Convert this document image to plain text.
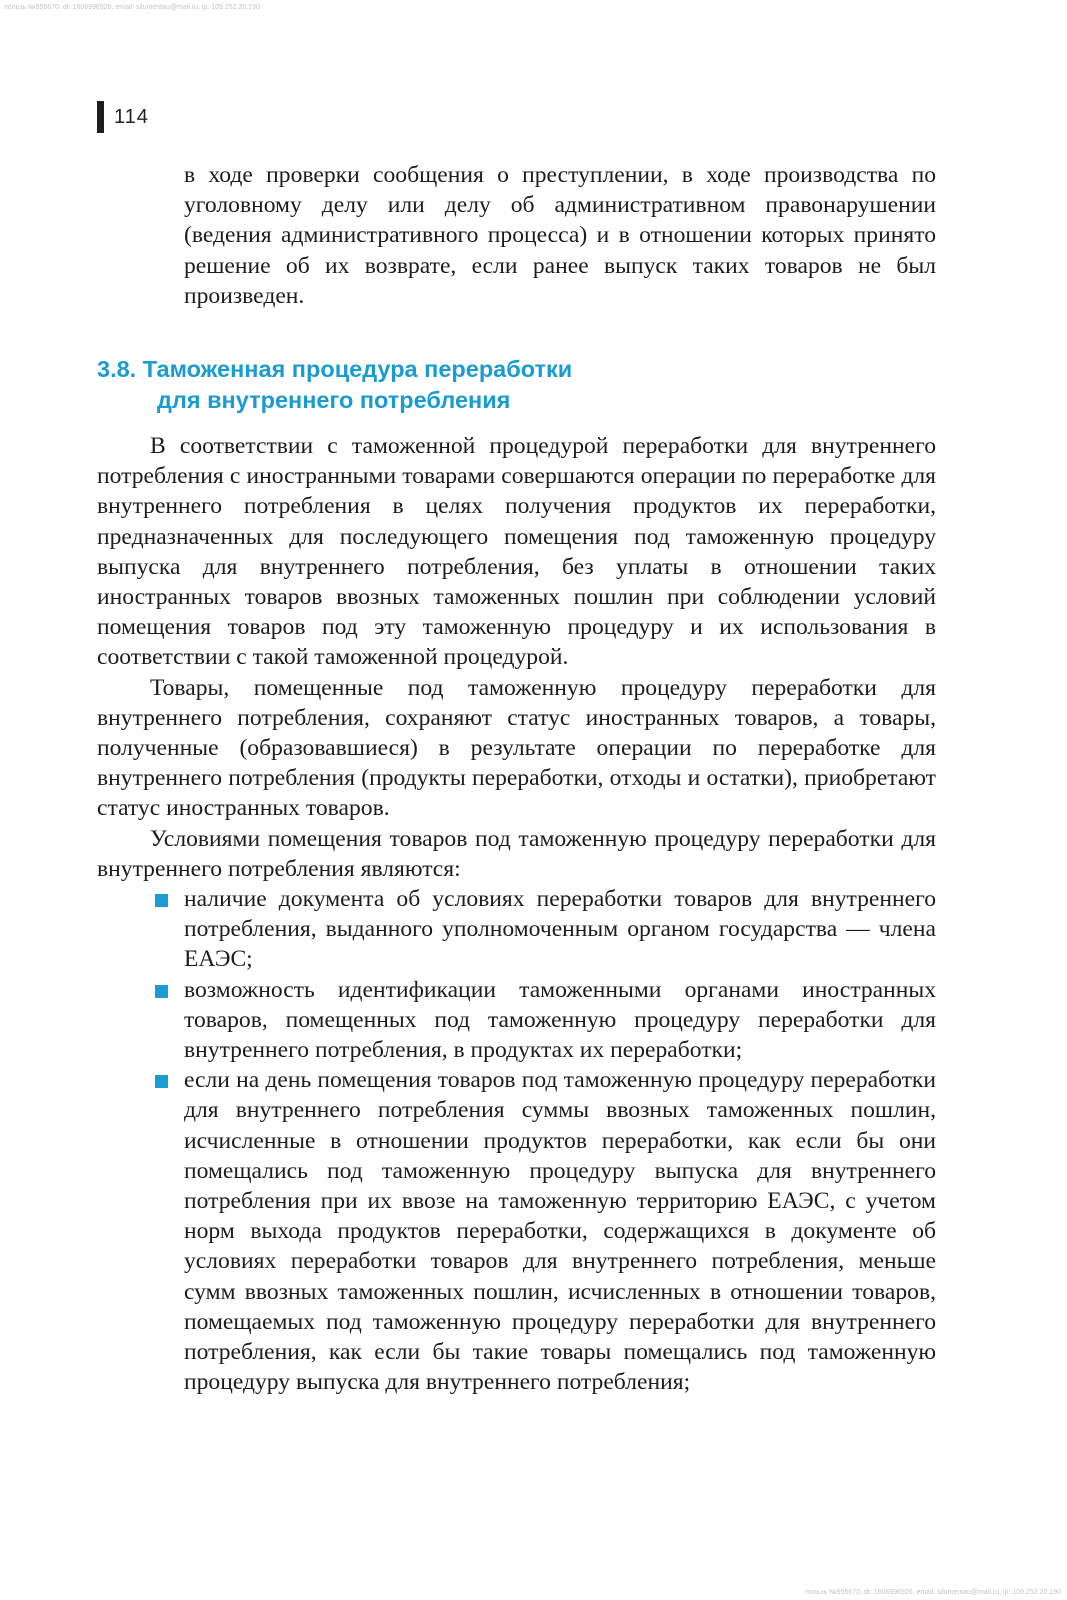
пользь №956670, dt: 1606996926, email: silumentau@mail.ru, ip: 109.252.20.190
114

в ходе проверки сообщения о преступлении, в ходе производства по уголовному делу или делу об административном правонарушении (ведения административного процесса) и в отношении которых принято решение об их возврате, если ранее выпуск таких товаров не был произведен.

3.8. Таможенная процедура переработки
для внутреннего потребления

В соответствии с таможенной процедурой переработки для внутреннего потребления с иностранными товарами совершаются операции по переработке для внутреннего потребления в целях получения продуктов их переработки, предназначенных для последующего помещения под таможенную процедуру выпуска для внутреннего потребления, без уплаты в отношении таких иностранных товаров ввозных таможенных пошлин при соблюдении условий помещения товаров под эту таможенную процедуру и их использования в соответствии с такой таможенной процедурой.

Товары, помещенные под таможенную процедуру переработки для внутреннего потребления, сохраняют статус иностранных товаров, а товары, полученные (образовавшиеся) в результате операции по переработке для внутреннего потребления (продукты переработки, отходы и остатки), приобретают статус иностранных товаров.

Условиями помещения товаров под таможенную процедуру переработки для внутреннего потребления являются:

наличие документа об условиях переработки товаров для внутреннего потребления, выданного уполномоченным органом государства — члена ЕАЭС;
возможность идентификации таможенными органами иностранных товаров, помещенных под таможенную процедуру переработки для внутреннего потребления, в продуктах их переработки;
если на день помещения товаров под таможенную процедуру переработки для внутреннего потребления суммы ввозных таможенных пошлин, исчисленные в отношении продуктов переработки, как если бы они помещались под таможенную процедуру выпуска для внутреннего потребления при их ввозе на таможенную территорию ЕАЭС, с учетом норм выхода продуктов переработки, содержащихся в документе об условиях переработки товаров для внутреннего потребления, меньше сумм ввозных таможенных пошлин, исчисленных в отношении товаров, помещаемых под таможенную процедуру переработки для внутреннего потребления, как если бы такие товары помещались под таможенную процедуру выпуска для внутреннего потребления;
пользь №956670, dt: 1606996926, email: silumentau@mail.ru, ip: 109.252.20.190
